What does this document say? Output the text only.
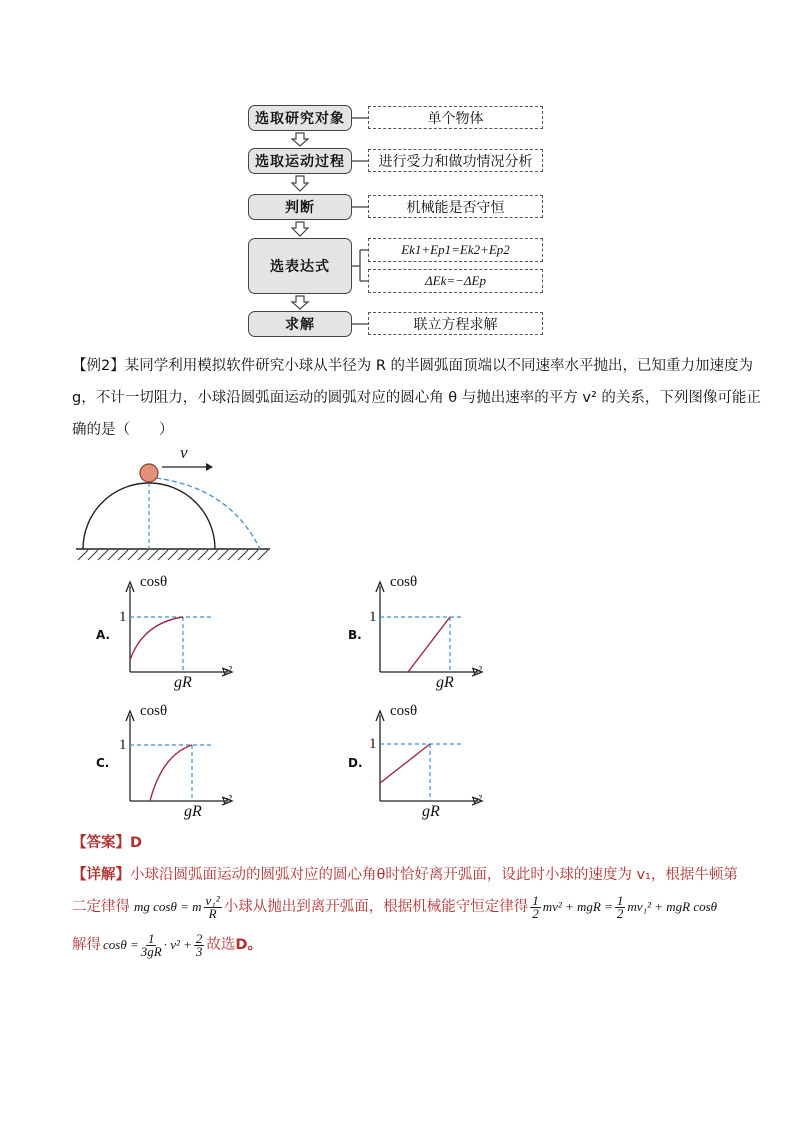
选取研究对象	单个物体
选取运动过程 进行受力和做功情况分析
判断	机械能是否守恒
选表达式
Ek1+Ep1=Ek2+Ep2
ΔEk=−ΔEp
求解	联立方程求解
【例2】某同学利用模拟软件研究小球从半径为 R 的半圆弧面顶端以不同速率水平抛出，已知重力加速度为
g，不计一切阻力，小球沿圆弧面运动的圆弧对应的圆心角 θ 与抛出速率的平方 v² 的关系，下列图像可能正
确的是（　　）
v
A.
cosθ
1
gR
v²
B.
cosθ
1
gR
v²
C.
cosθ
1
gR
v²
D.
cosθ
1
gR
v²
【答案】D
【详解】小球沿圆弧面运动的圆弧对应的圆心角θ时恰好离开弧面，设此时小球的速度为 v₁，根据牛顿第
二定律得 mg cosθ = m $\frac{\text{v₁²}}{R}$ 小球从抛出到离开弧面，根据机械能守恒定律得 $\frac{1}{2} mv^2$ + mgR = $\frac{1}{2} mv_1^2$ + mgR cosθ
解得 $\cos\theta = \frac{1}{3gR} \cdot v^2 + \frac{2}{3}$ 故选 D。
